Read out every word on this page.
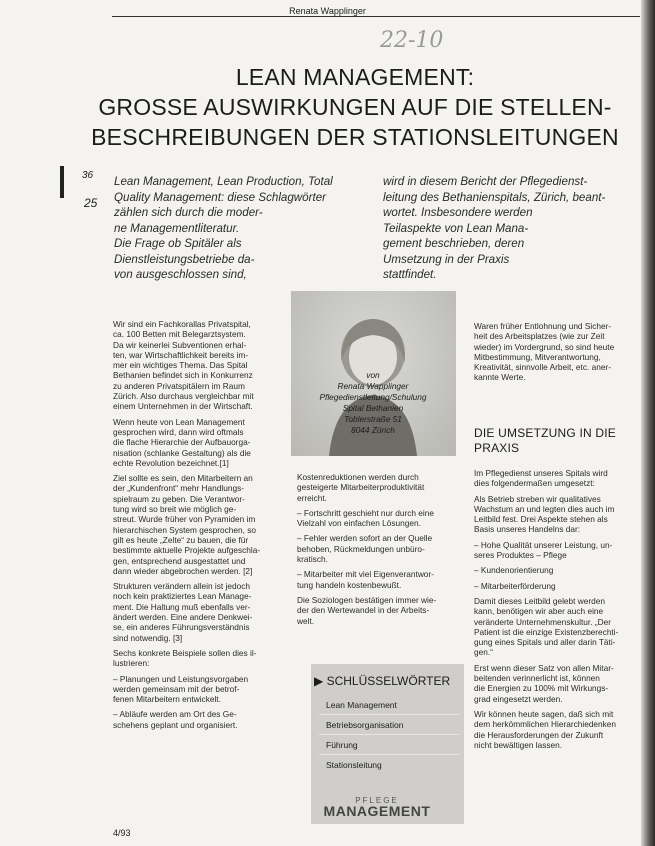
Renata Wapplinger
22-10
LEAN MANAGEMENT:
GROSSE AUSWIRKUNGEN AUF DIE STELLEN-
BESCHREIBUNGEN DER STATIONSLEITUNGEN
36
25
Lean Management, Lean Production, Total
Quality Management: diese Schlagwörter
zählen sich durch die moder-
ne Managementliteratur.
Die Frage ob Spitäler als
Dienstleistungsbetriebe da-
von ausgeschlossen sind,
wird in diesem Bericht der Pflegedienst-
leitung des Bethanienspitals, Zürich, beant-
wortet. Insbesondere werden
Teilaspekte von Lean Mana-
gement beschrieben, deren
Umsetzung in der Praxis
stattfindet.

Wir sind ein Fachkorallas Privatspital,
ca. 100 Betten mit Belegarztsystem.
Da wir keinerlei Subventionen erhal-
ten, war Wirtschaftlichkeit bereits im-
mer ein wichtiges Thema. Das Spital
Bethanien befindet sich in Konkurrenz
zu anderen Privatspitälern im Raum
Zürich. Also durchaus vergleichbar mit
einem Unternehmen in der Wirtschaft.

Wenn heute von Lean Management
gesprochen wird, dann wird oftmals
die flache Hierarchie der Aufbauorga-
nisation (schlanke Gestaltung) als die
echte Revolution bezeichnet.[1]

Ziel sollte es sein, den Mitarbeitern an
der „Kundenfront“ mehr Handlungs-
spielraum zu geben. Die Verantwor-
tung wird so breit wie möglich ge-
streut. Wurde früher von Pyramiden im
hierarchischen System gesprochen, so
gilt es heute „Zelte“ zu bauen, die für
bestimmte aktuelle Projekte aufgeschla-
gen, entsprechend ausgestattet und
dann wieder abgebrochen werden. [2]

Strukturen verändern allein ist jedoch
noch kein praktiziertes Lean Manage-
ment. Die Haltung muß ebenfalls ver-
ändert werden. Eine andere Denkwei-
se, ein anderes Führungsverständnis
sind notwendig. [3]

Sechs konkrete Beispiele sollen dies il-
lustrieren:

– Planungen und Leistungsvorgaben
werden gemeinsam mit der betrof-
fenen Mitarbeitern entwickelt.

– Abläufe werden am Ort des Ge-
schehens geplant und organisiert.

von
Renata Wapplinger
Pflegedienstleitung/Schulung
Spital Bethanien
Toblerstraße 51
8044 Zürich

Kostenreduktionen werden durch
gesteigerte Mitarbeiterproduktivität
erreicht.

– Fortschritt geschieht nur durch eine
Vielzahl von einfachen Lösungen.

– Fehler werden sofort an der Quelle
behoben, Rückmeldungen unbüro-
kratisch.

– Mitarbeiter mit viel Eigenverantwor-
tung handeln kostenbewußt.

Die Soziologen bestätigen immer wie-
der den Wertewandel in der Arbeits-
welt.

▶ SCHLÜSSELWÖRTER
Lean Management
Betriebsorganisation
Führung
Stationsleitung
Waren früher Entlohnung und Sicher-
heit des Arbeitsplatzes (wie zur Zeit
wieder) im Vordergrund, so sind heute
Mitbestimmung, Mitverantwortung,
Kreativität, sinnvolle Arbeit, etc. aner-
kannte Werte.
DIE UMSETZUNG IN DIE
PRAXIS

Im Pflegedienst unseres Spitals wird
dies folgendermaßen umgesetzt:

Als Betrieb streben wir qualitatives
Wachstum an und legten dies auch im
Leitbild fest. Drei Aspekte stehen als
Basis unseres Handelns dar:

– Hohe Qualität unserer Leistung, un-
seres Produktes – Pflege

– Kundenorientierung

– Mitarbeiterförderung

Damit dieses Leitbild gelebt werden
kann, benötigen wir aber auch eine
veränderte Unternehmenskultur. „Der
Patient ist die einzige Existenzberechti-
gung eines Spitals und aller darin Täti-
gen.“

Erst wenn dieser Satz von allen Mitar-
beitenden verinnerlicht ist, können
die Energien zu 100% mit Wirkungs-
grad eingesetzt werden.

Wir können heute sagen, daß sich mit
dem herkömmlichen Hierarchiedenken
die Herausforderungen der Zukunft
nicht bewältigen lassen.

PFLEGE
MANAGEMENT
4/93
